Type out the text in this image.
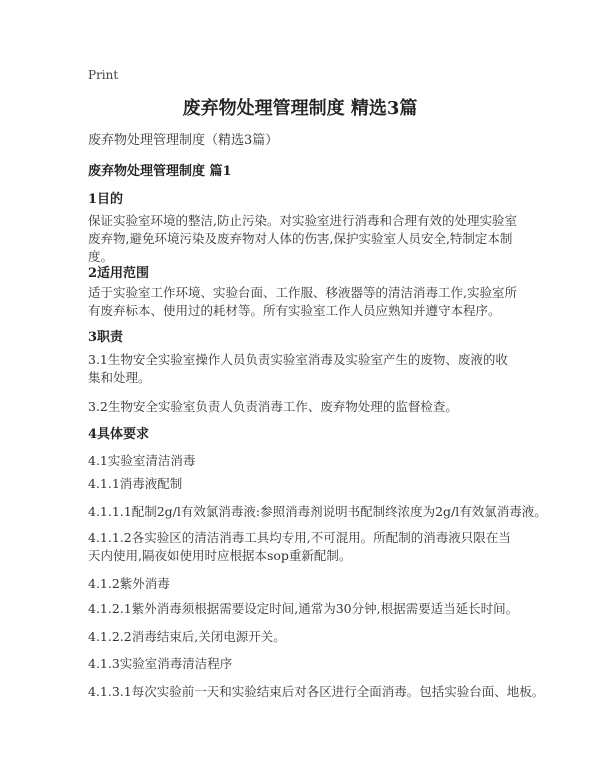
Print

废弃物处理管理制度 精选3篇

废弃物处理管理制度（精选3篇）

废弃物处理管理制度 篇1

1目的

保证实验室环境的整洁,防止污染。对实验室进行消毒和合理有效的处理实验室废弃物,避免环境污染及废弃物对人体的伤害,保护实验室人员安全,特制定本制度。

2适用范围

适于实验室工作环境、实验台面、工作服、移液器等的清洁消毒工作,实验室所有废弃标本、使用过的耗材等。所有实验室工作人员应熟知并遵守本程序。

3职责

3.1生物安全实验室操作人员负责实验室消毒及实验室产生的废物、废液的收集和处理。

3.2生物安全实验室负责人负责消毒工作、废弃物处理的监督检查。

4具体要求

4.1实验室清洁消毒

4.1.1消毒液配制

4.1.1.1配制2g/l有效氯消毒液:参照消毒剂说明书配制终浓度为2g/l有效氯消毒液。

4.1.1.2各实验区的清洁消毒工具均专用,不可混用。所配制的消毒液只限在当天内使用,隔夜如使用时应根据本sop重新配制。

4.1.2紫外消毒

4.1.2.1紫外消毒须根据需要设定时间,通常为30分钟,根据需要适当延长时间。

4.1.2.2消毒结束后,关闭电源开关。

4.1.3实验室消毒清洁程序

4.1.3.1每次实验前一天和实验结束后对各区进行全面消毒。包括实验台面、地板。
